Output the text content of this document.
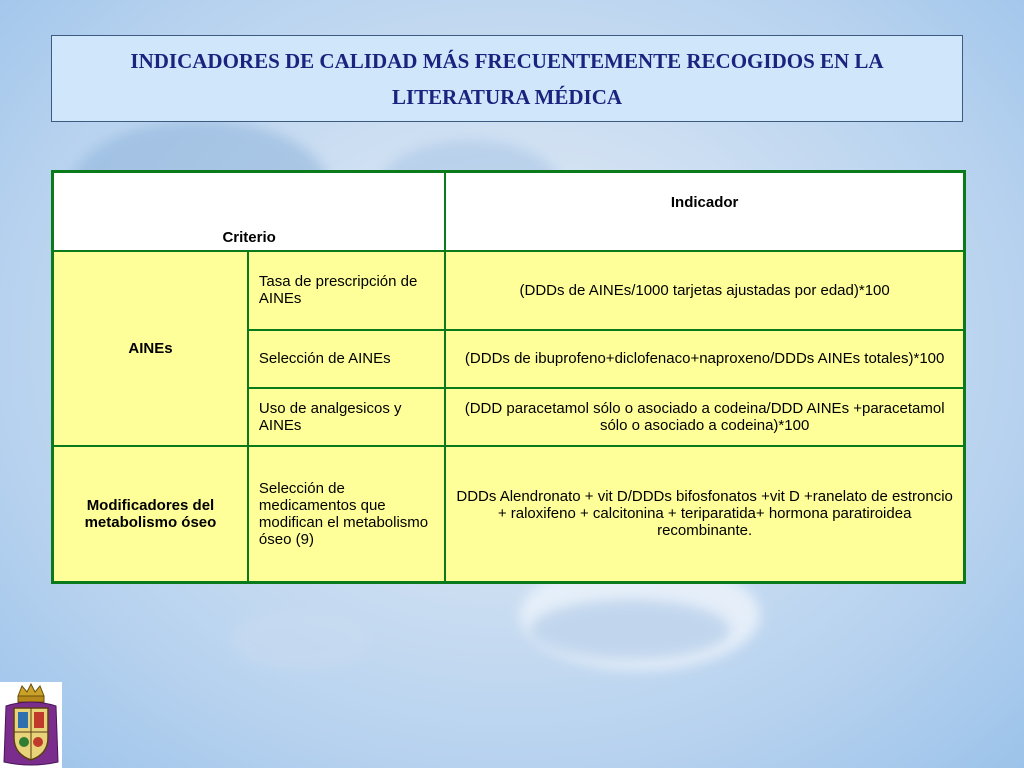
INDICADORES DE CALIDAD MÁS FRECUENTEMENTE RECOGIDOS EN LA LITERATURA MÉDICA
Criterio		Indicador
AINEs	Tasa de prescripción de AINEs	(DDDs de AINEs/1000 tarjetas ajustadas por edad)*100
	Selección de AINEs	(DDDs de ibuprofeno+diclofenaco+naproxeno/DDDs AINEs totales)*100
	Uso de analgesicos y AINEs	(DDD paracetamol sólo o asociado a codeina/DDD AINEs +paracetamol sólo o asociado a codeina)*100
Modificadores del metabolismo óseo	Selección de medicamentos que modifican el metabolismo óseo (9)	DDDs Alendronato + vit D/DDDs bifosfonatos +vit D +ranelato de estroncio + raloxifeno + calcitonina + teriparatida+ hormona paratiroidea recombinante.
